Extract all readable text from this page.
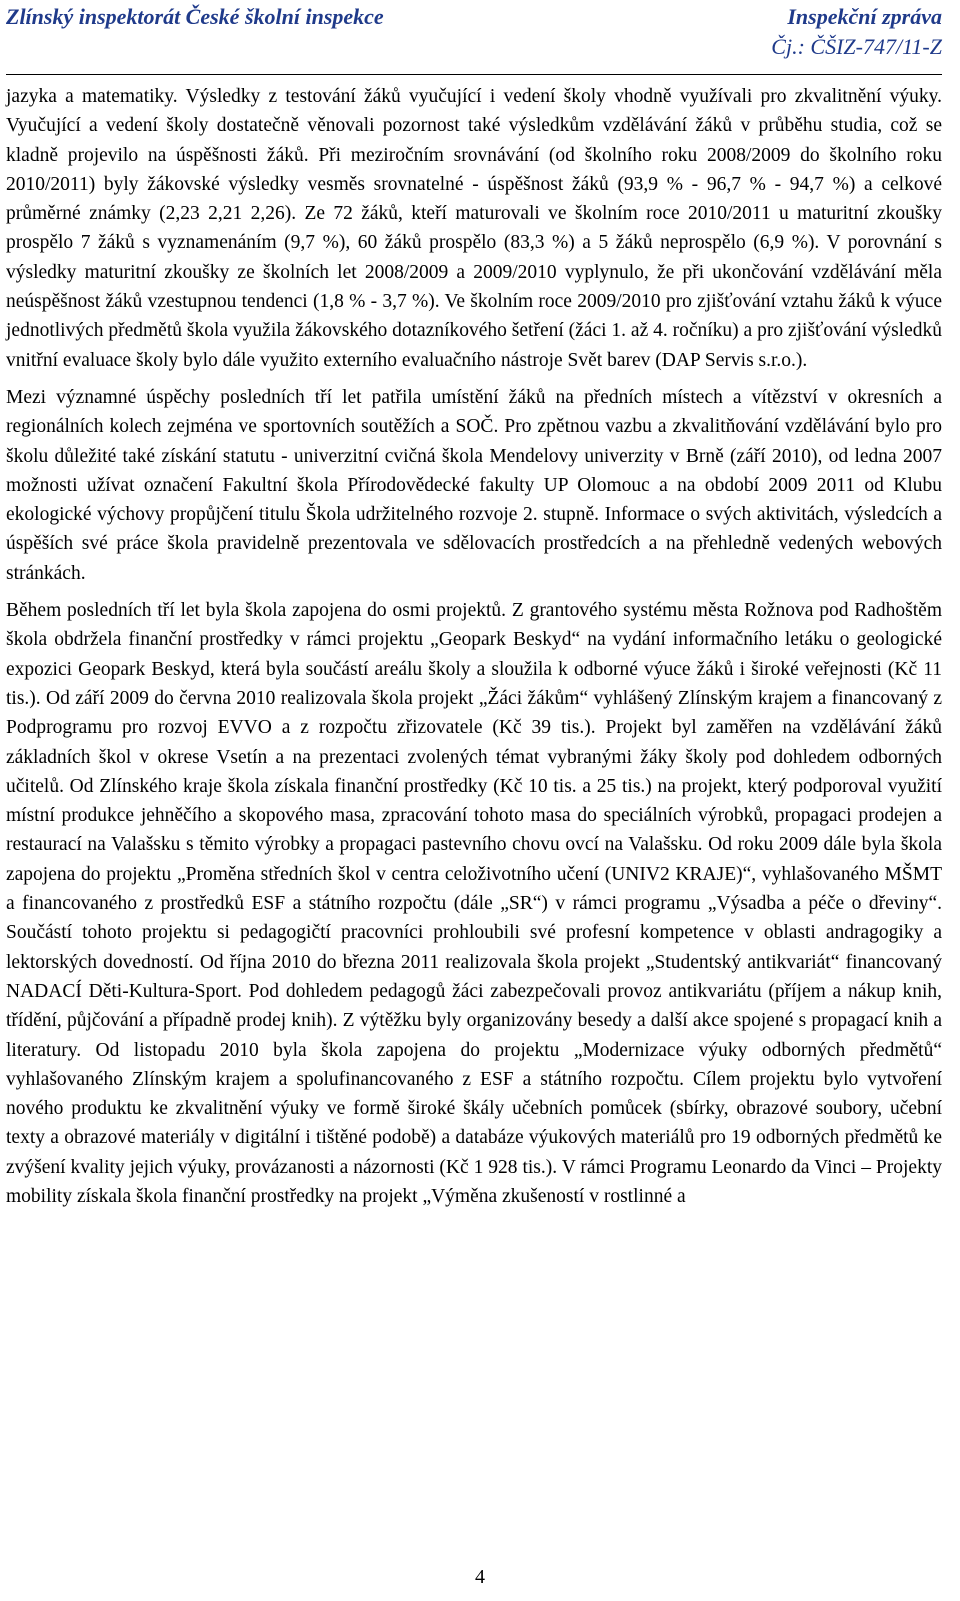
Zlínský inspektorát České školní inspekce	Inspekční zpráva
Čj.: ČŠIZ-747/11-Z

jazyka a matematiky. Výsledky z testování žáků vyučující i vedení školy vhodně využívali pro zkvalitnění výuky. Vyučující a vedení školy dostatečně věnovali pozornost také výsledkům vzdělávání žáků v průběhu studia, což se kladně projevilo na úspěšnosti žáků. Při meziročním srovnávání (od školního roku 2008/2009 do školního roku 2010/2011) byly žákovské výsledky vesměs srovnatelné - úspěšnost žáků (93,9 % - 96,7 % - 94,7 %) a celkové průměrné známky (2,23 2,21 2,26). Ze 72 žáků, kteří maturovali ve školním roce 2010/2011 u maturitní zkoušky prospělo 7 žáků s vyznamenáním (9,7 %), 60 žáků prospělo (83,3 %) a 5 žáků neprospělo (6,9 %). V porovnání s výsledky maturitní zkoušky ze školních let 2008/2009 a 2009/2010 vyplynulo, že při ukončování vzdělávání měla neúspěšnost žáků vzestupnou tendenci (1,8 % - 3,7 %). Ve školním roce 2009/2010 pro zjišťování vztahu žáků k výuce jednotlivých předmětů škola využila žákovského dotazníkového šetření (žáci 1. až 4. ročníku) a pro zjišťování výsledků vnitřní evaluace školy bylo dále využito externího evaluačního nástroje Svět barev (DAP Servis s.r.o.).

Mezi významné úspěchy posledních tří let patřila umístění žáků na předních místech a vítězství v okresních a regionálních kolech zejména ve sportovních soutěžích a SOČ. Pro zpětnou vazbu a zkvalitňování vzdělávání bylo pro školu důležité také získání statutu - univerzitní cvičná škola Mendelovy univerzity v Brně (září 2010), od ledna 2007 možnosti užívat označení Fakultní škola Přírodovědecké fakulty UP Olomouc a na období 2009 2011 od Klubu ekologické výchovy propůjčení titulu Škola udržitelného rozvoje 2. stupně. Informace o svých aktivitách, výsledcích a úspěších své práce škola pravidelně prezentovala ve sdělovacích prostředcích a na přehledně vedených webových stránkách.

Během posledních tří let byla škola zapojena do osmi projektů. Z grantového systému města Rožnova pod Radhoštěm škola obdržela finanční prostředky v rámci projektu „Geopark Beskyd“ na vydání informačního letáku o geologické expozici Geopark Beskyd, která byla součástí areálu školy a sloužila k odborné výuce žáků i široké veřejnosti (Kč 11 tis.). Od září 2009 do června 2010 realizovala škola projekt „Žáci žákům“ vyhlášený Zlínským krajem a financovaný z Podprogramu pro rozvoj EVVO a z rozpočtu zřizovatele (Kč 39 tis.). Projekt byl zaměřen na vzdělávání žáků základních škol v okrese Vsetín a na prezentaci zvolených témat vybranými žáky školy pod dohledem odborných učitelů. Od Zlínského kraje škola získala finanční prostředky (Kč 10 tis. a 25 tis.) na projekt, který podporoval využití místní produkce jehněčího a skopového masa, zpracování tohoto masa do speciálních výrobků, propagaci prodejen a restaurací na Valašsku s těmito výrobky a propagaci pastevního chovu ovcí na Valašsku. Od roku 2009 dále byla škola zapojena do projektu „Proměna středních škol v centra celoživotního učení (UNIV2 KRAJE)“, vyhlašovaného MŠMT a financovaného z prostředků ESF a státního rozpočtu (dále „SR“) v rámci programu „Výsadba a péče o dřeviny“. Součástí tohoto projektu si pedagogičtí pracovníci prohloubili své profesní kompetence v oblasti andragogiky a lektorských dovedností. Od října 2010 do března 2011 realizovala škola projekt „Studentský antikvariát“ financovaný NADACÍ Děti-Kultura-Sport. Pod dohledem pedagogů žáci zabezpečovali provoz antikvariátu (příjem a nákup knih, třídění, půjčování a případně prodej knih). Z výtěžku byly organizovány besedy a další akce spojené s propagací knih a literatury. Od listopadu 2010 byla škola zapojena do projektu „Modernizace výuky odborných předmětů“ vyhlašovaného Zlínským krajem a spolufinancovaného z ESF a státního rozpočtu. Cílem projektu bylo vytvoření nového produktu ke zkvalitnění výuky ve formě široké škály učebních pomůcek (sbírky, obrazové soubory, učební texty a obrazové materiály v digitální i tištěné podobě) a databáze výukových materiálů pro 19 odborných předmětů ke zvýšení kvality jejich výuky, provázanosti a názornosti (Kč 1 928 tis.). V rámci Programu Leonardo da Vinci – Projekty mobility získala škola finanční prostředky na projekt „Výměna zkušeností v rostlinné a

4
